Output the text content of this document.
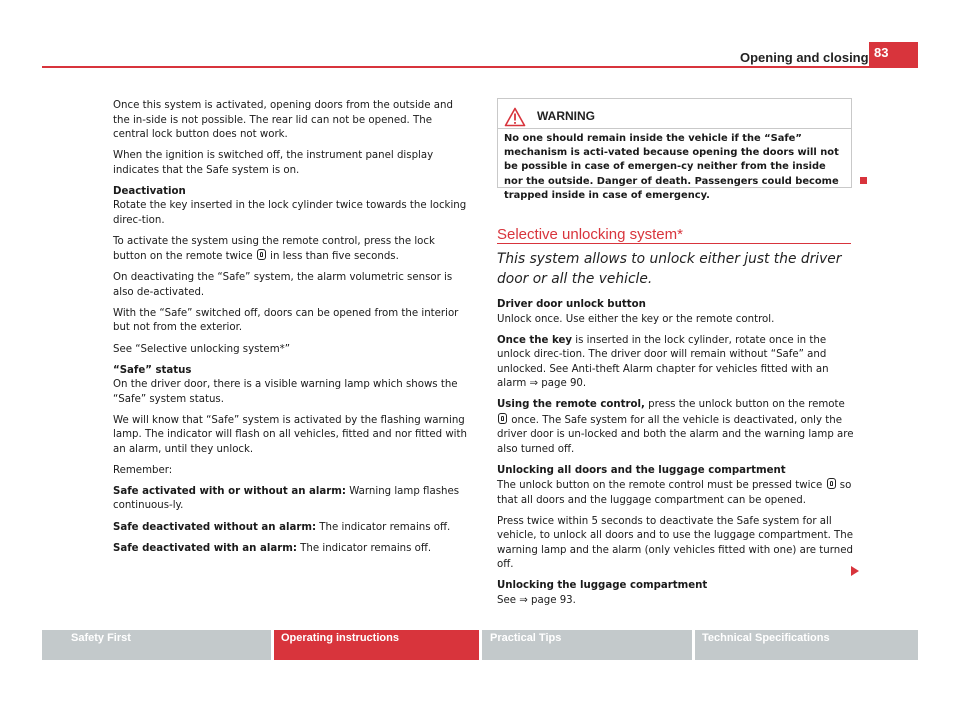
Opening and closing 83

Once this system is activated, opening doors from the outside and the in-side is not possible. The rear lid can not be opened. The central lock button does not work.

When the ignition is switched off, the instrument panel display indicates that the Safe system is on.

Deactivation

Rotate the key inserted in the lock cylinder twice towards the locking direc-tion.

To activate the system using the remote control, press the lock button on the remote twice in less than five seconds.

On deactivating the “Safe” system, the alarm volumetric sensor is also de-activated.

With the “Safe” switched off, doors can be opened from the interior but not from the exterior.

See “Selective unlocking system*”

“Safe” status

On the driver door, there is a visible warning lamp which shows the “Safe” system status.

We will know that “Safe” system is activated by the flashing warning lamp. The indicator will flash on all vehicles, fitted and nor fitted with an alarm, until they unlock.

Remember:

Safe activated with or without an alarm: Warning lamp flashes continuous-ly.

Safe deactivated without an alarm: The indicator remains off.

Safe deactivated with an alarm: The indicator remains off.

WARNING
No one should remain inside the vehicle if the “Safe” mechanism is acti-vated because opening the doors will not be possible in case of emergen-cy neither from the inside nor the outside. Danger of death. Passengers could become trapped inside in case of emergency.
Selective unlocking system*
This system allows to unlock either just the driver door or all the vehicle.

Driver door unlock button

Unlock once. Use either the key or the remote control.

Once the key is inserted in the lock cylinder, rotate once in the unlock direc-tion. The driver door will remain without “Safe” and unlocked. See Anti-theft Alarm chapter for vehicles fitted with an alarm ⇒ page 90.

Using the remote control, press the unlock button on the remote  once. The Safe system for all the vehicle is deactivated, only the driver door is un-locked and both the alarm and the warning lamp are also turned off.

Unlocking all doors and the luggage compartment

The unlock button on the remote control must be pressed twice so that all doors and the luggage compartment can be opened.

Press twice within 5 seconds to deactivate the Safe system for all vehicle, to unlock all doors and to use the luggage compartment. The warning lamp and the alarm (only vehicles fitted with one) are turned off.

Unlocking the luggage compartment

See ⇒ page 93.

Safety First	Operating instructions	Practical Tips	Technical Specifications
